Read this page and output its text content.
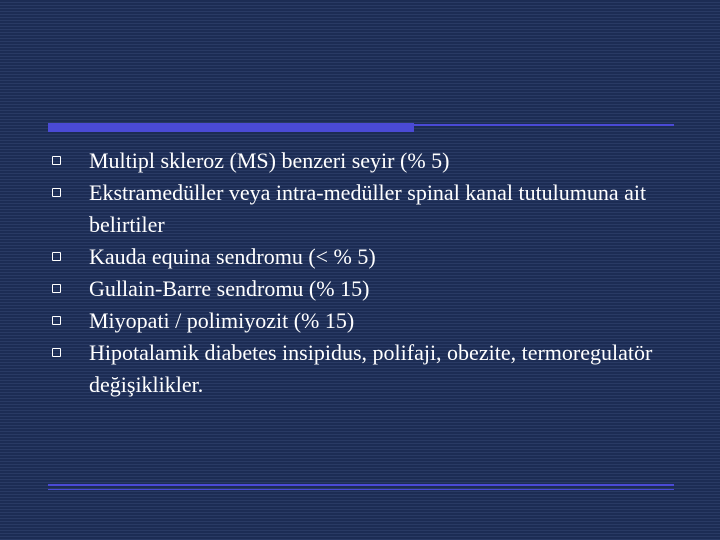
Multipl skleroz (MS) benzeri seyir (% 5)
Ekstramedüller veya intra-medüller spinal kanal tutulumuna ait belirtiler
Kauda equina sendromu (< % 5)
Gullain-Barre sendromu (% 15)
Miyopati / polimiyozit (% 15)
Hipotalamik diabetes insipidus, polifaji, obezite, termoregulatör değişiklikler.
